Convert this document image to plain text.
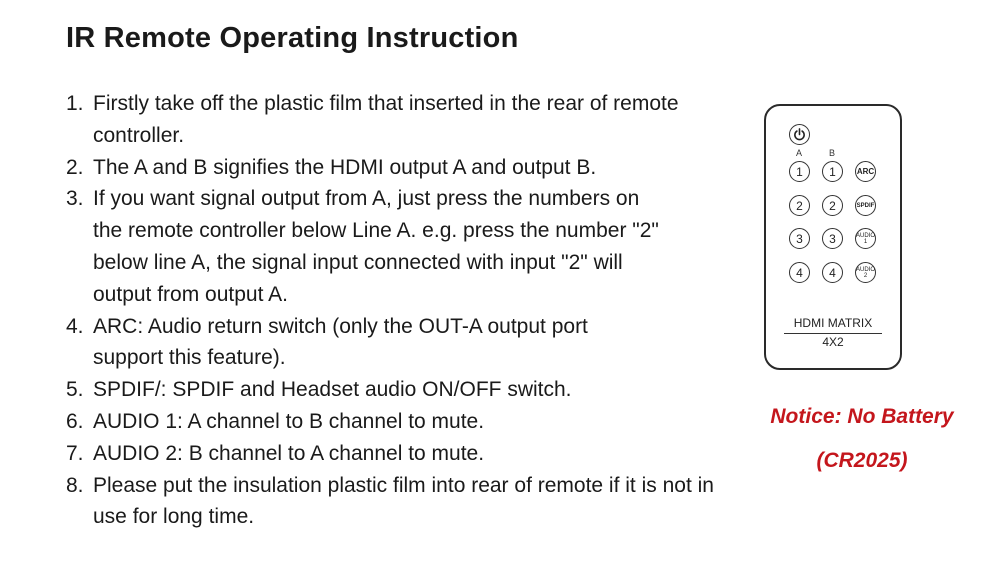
IR Remote Operating Instruction
1. Firstly take off the plastic film that inserted in the rear of remote controller.
2. The A and B signifies the HDMI output A and output B.
3. If you want signal output from A, just press the numbers on the remote controller below Line A. e.g. press the number "2" below line A, the signal input connected with input "2" will output from output A.
4. ARC: Audio return switch (only the OUT-A output port support this feature).
5. SPDIF/: SPDIF and Headset audio ON/OFF switch.
6. AUDIO 1: A channel to B channel to mute.
7. AUDIO 2: B channel to A channel to mute.
8. Please put the insulation plastic film into rear of remote if it is not in use for long time.
A	B
1	1	ARC
2	2	SPDIF
3	3	AUDIO
1
4	4	AUDIO
2
HDMI MATRIX
4X2
Notice: No Battery
(CR2025)
